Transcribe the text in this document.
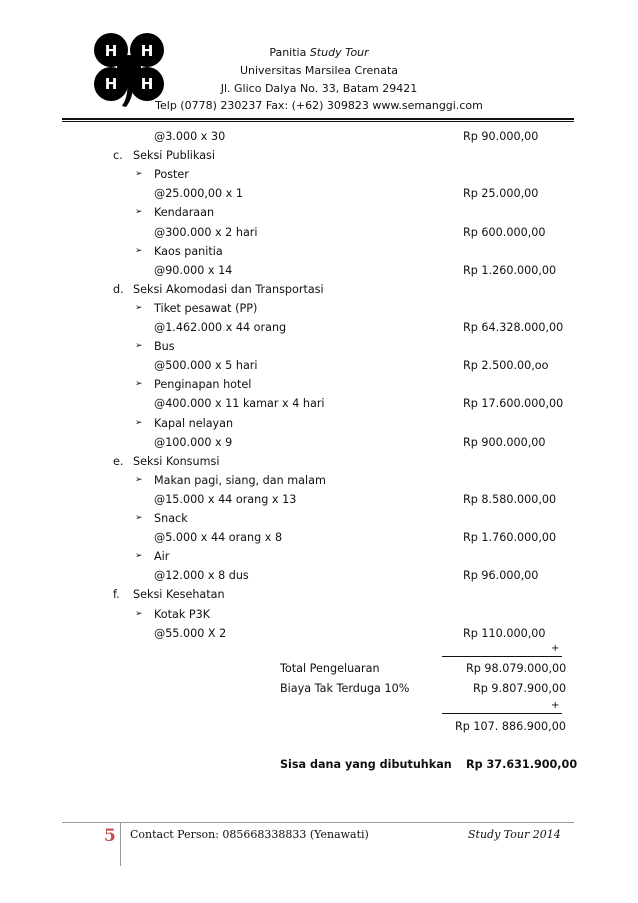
H H
H H
Panitia Study Tour
Universitas Marsilea Crenata
Jl. Glico Dalya No. 33, Batam 29421
Telp (0778) 230237 Fax: (+62) 309823 www.semanggi.com
@3.000 x 30	Rp 90.000,00
c. Seksi Publikasi
➢ Poster
@25.000,00 x 1	Rp 25.000,00
➢ Kendaraan
@300.000 x 2 hari	Rp 600.000,00
➢ Kaos panitia
@90.000 x 14	Rp 1.260.000,00
d. Seksi Akomodasi dan Transportasi
➢ Tiket pesawat (PP)
@1.462.000 x 44 orang	Rp 64.328.000,00
➢ Bus
@500.000 x 5 hari	Rp 2.500.00,oo
➢ Penginapan hotel
@400.000 x 11 kamar x 4 hari	Rp 17.600.000,00
➢ Kapal nelayan
@100.000 x 9	Rp 900.000,00
e. Seksi Konsumsi
➢ Makan pagi, siang, dan malam
@15.000 x 44 orang x 13	Rp 8.580.000,00
➢ Snack
@5.000 x 44 orang x 8	Rp 1.760.000,00
➢ Air
@12.000 x 8 dus	Rp 96.000,00
f. Seksi Kesehatan
➢ Kotak P3K
@55.000 X 2	Rp 110.000,00
+
Total Pengeluaran	Rp 98.079.000,00
Biaya Tak Terduga 10%	Rp 9.807.900,00
+
Rp 107. 886.900,00
Sisa dana yang dibutuhkan Rp 37.631.900,00
5 Contact Person: 085668338833 (Yenawati)	Study Tour 2014
